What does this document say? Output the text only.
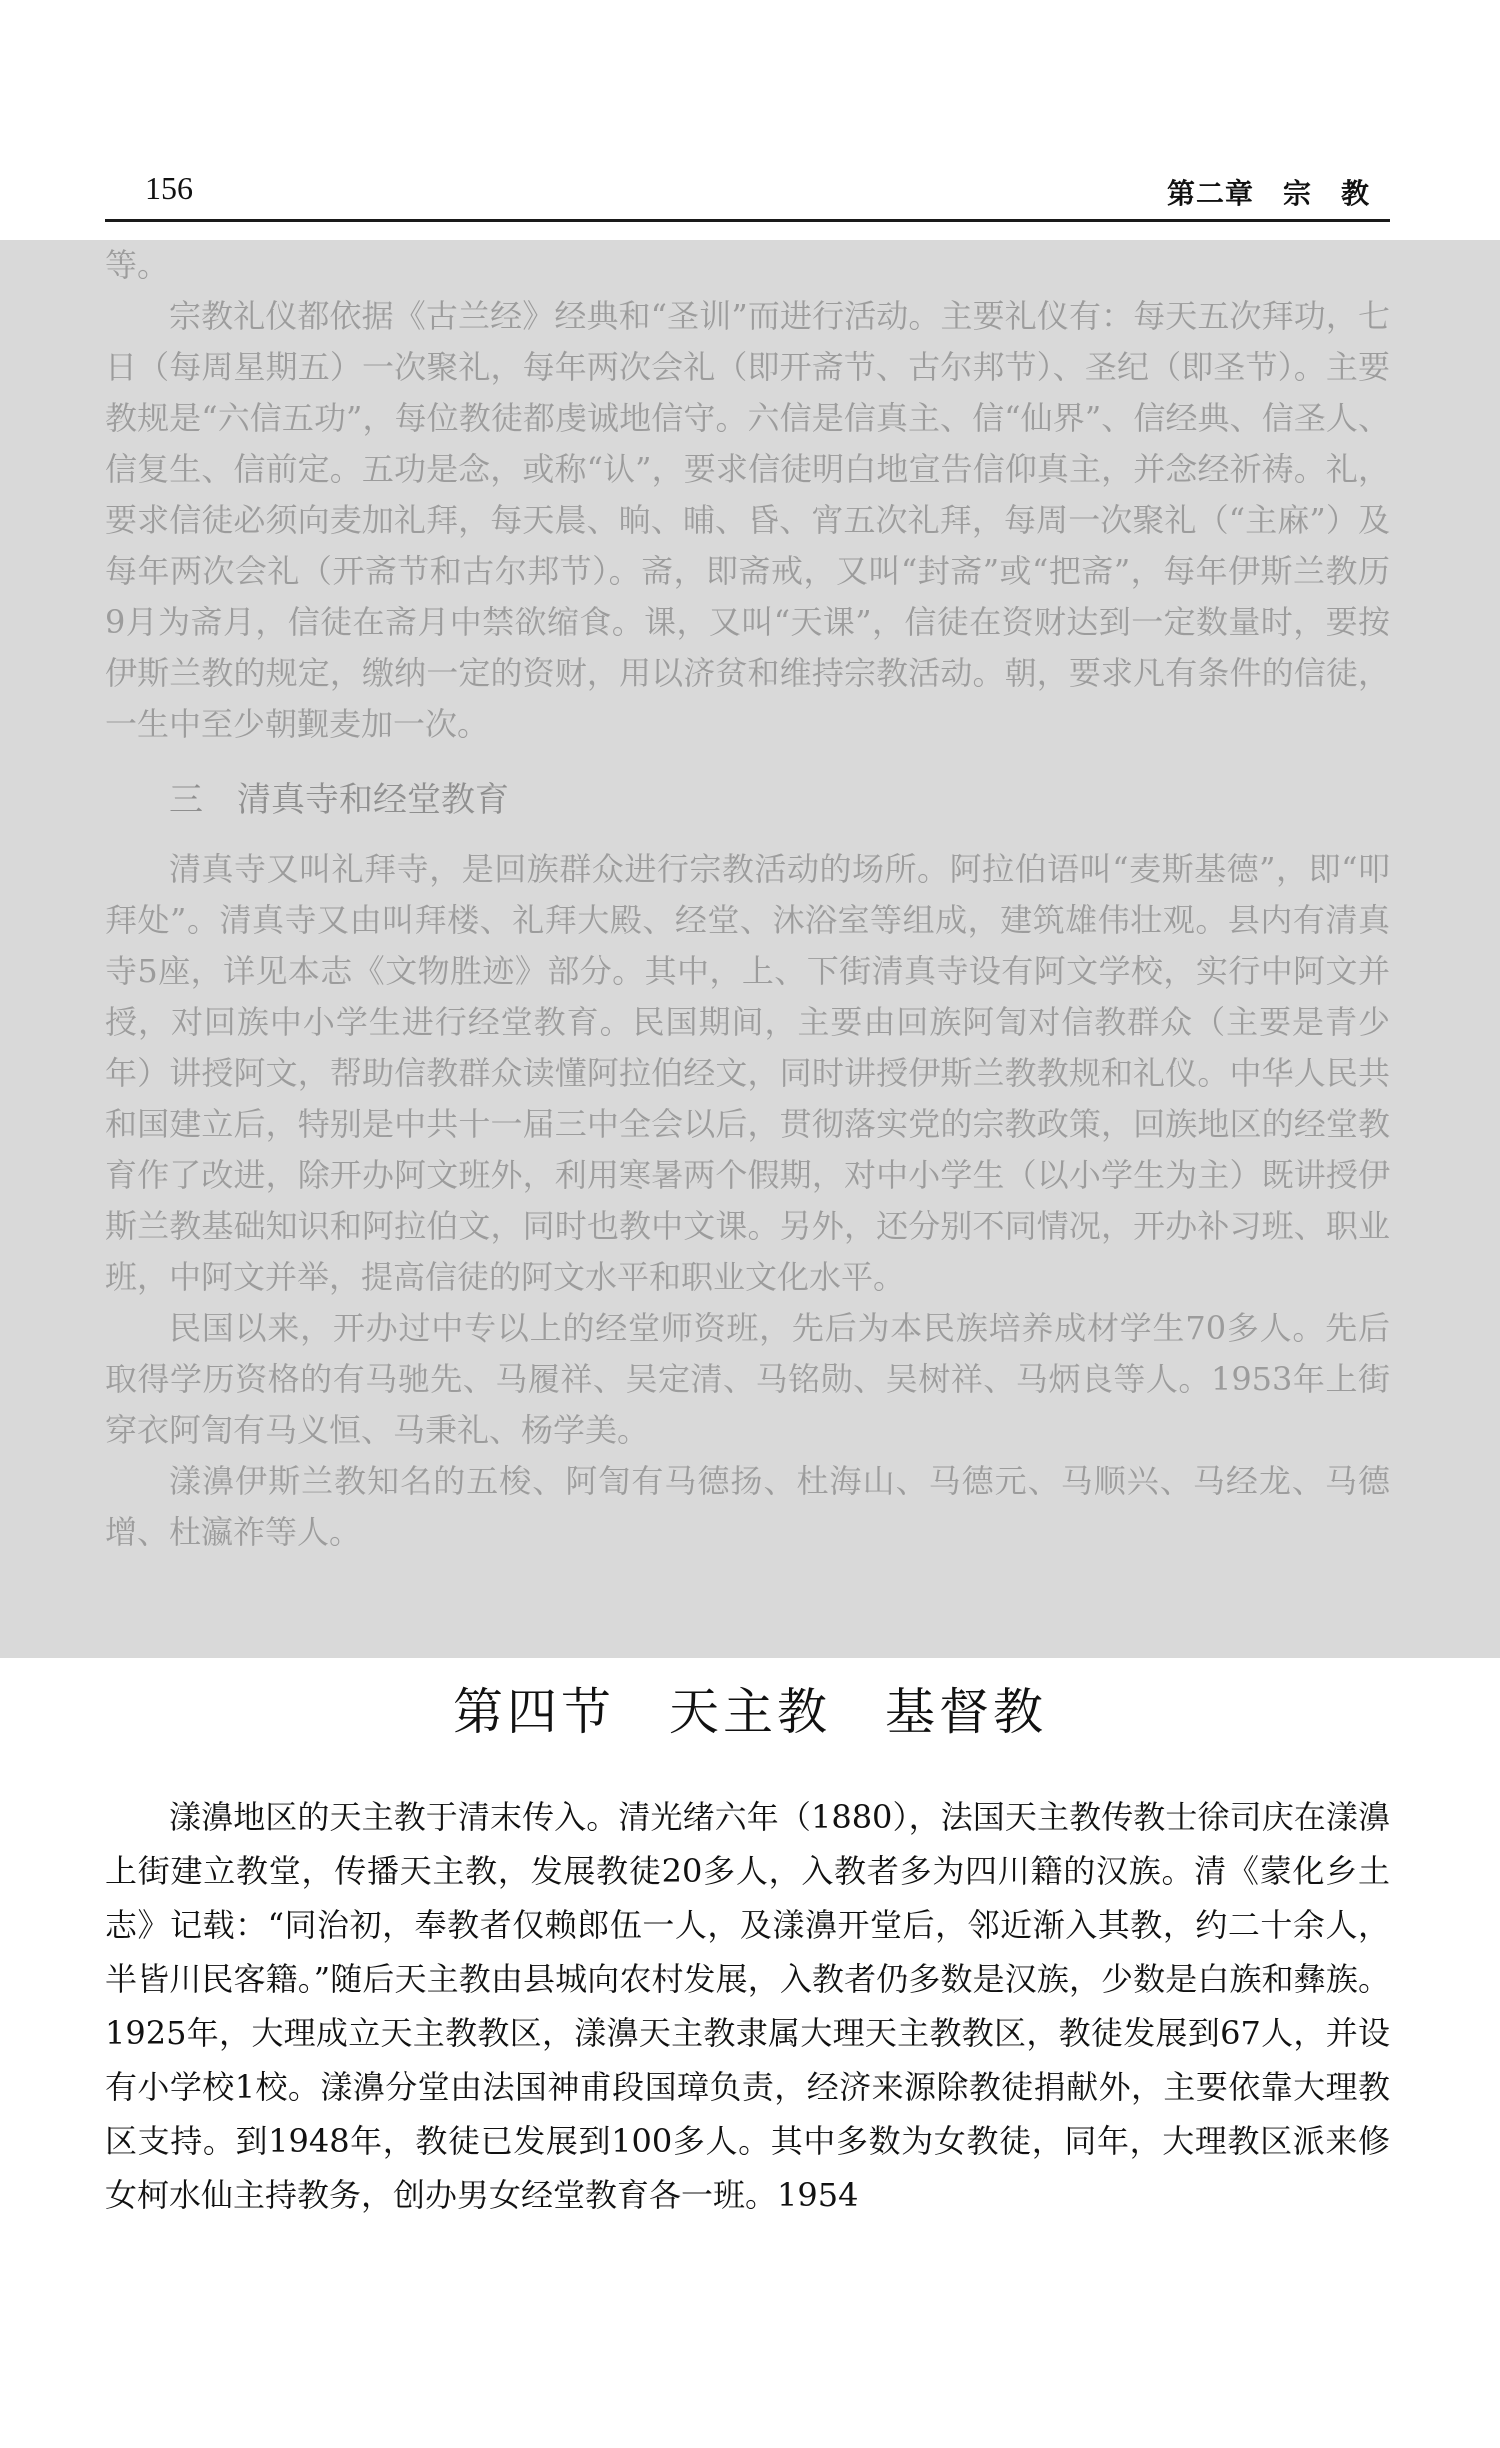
156	第二章　宗　教

等。

宗教礼仪都依据《古兰经》经典和“圣训”而进行活动。主要礼仪有：每天五次拜功，七日（每周星期五）一次聚礼，每年两次会礼（即开斋节、古尔邦节）、圣纪（即圣节）。主要教规是“六信五功”，每位教徒都虔诚地信守。六信是信真主、信“仙界”、信经典、信圣人、信复生、信前定。五功是念，或称“认”，要求信徒明白地宣告信仰真主，并念经祈祷。礼，要求信徒必须向麦加礼拜，每天晨、晌、晡、昏、宵五次礼拜，每周一次聚礼（“主麻”）及每年两次会礼（开斋节和古尔邦节）。斋，即斋戒，又叫“封斋”或“把斋”，每年伊斯兰教历9月为斋月，信徒在斋月中禁欲缩食。课，又叫“天课”，信徒在资财达到一定数量时，要按伊斯兰教的规定，缴纳一定的资财，用以济贫和维持宗教活动。朝，要求凡有条件的信徒，一生中至少朝觐麦加一次。

三　清真寺和经堂教育

清真寺又叫礼拜寺，是回族群众进行宗教活动的场所。阿拉伯语叫“麦斯基德”，即“叩拜处”。清真寺又由叫拜楼、礼拜大殿、经堂、沐浴室等组成，建筑雄伟壮观。县内有清真寺5座，详见本志《文物胜迹》部分。其中，上、下街清真寺设有阿文学校，实行中阿文并授，对回族中小学生进行经堂教育。民国期间，主要由回族阿訇对信教群众（主要是青少年）讲授阿文，帮助信教群众读懂阿拉伯经文，同时讲授伊斯兰教教规和礼仪。中华人民共和国建立后，特别是中共十一届三中全会以后，贯彻落实党的宗教政策，回族地区的经堂教育作了改进，除开办阿文班外，利用寒暑两个假期，对中小学生（以小学生为主）既讲授伊斯兰教基础知识和阿拉伯文，同时也教中文课。另外，还分别不同情况，开办补习班、职业班，中阿文并举，提高信徒的阿文水平和职业文化水平。

民国以来，开办过中专以上的经堂师资班，先后为本民族培养成材学生70多人。先后取得学历资格的有马驰先、马履祥、吴定清、马铭勋、吴树祥、马炳良等人。1953年上街穿衣阿訇有马义恒、马秉礼、杨学美。

漾濞伊斯兰教知名的五梭、阿訇有马德扬、杜海山、马德元、马顺兴、马经龙、马德增、杜瀛祚等人。

第四节　天主教　基督教

漾濞地区的天主教于清末传入。清光绪六年（1880），法国天主教传教士徐司庆在漾濞上街建立教堂，传播天主教，发展教徒20多人，入教者多为四川籍的汉族。清《蒙化乡土志》记载：“同治初，奉教者仅赖郎伍一人，及漾濞开堂后，邻近渐入其教，约二十余人，半皆川民客籍。”随后天主教由县城向农村发展，入教者仍多数是汉族，少数是白族和彝族。1925年，大理成立天主教教区，漾濞天主教隶属大理天主教教区，教徒发展到67人，并设有小学校1校。漾濞分堂由法国神甫段国璋负责，经济来源除教徒捐献外，主要依靠大理教区支持。到1948年，教徒已发展到100多人。其中多数为女教徒，同年，大理教区派来修女柯水仙主持教务，创办男女经堂教育各一班。1954
